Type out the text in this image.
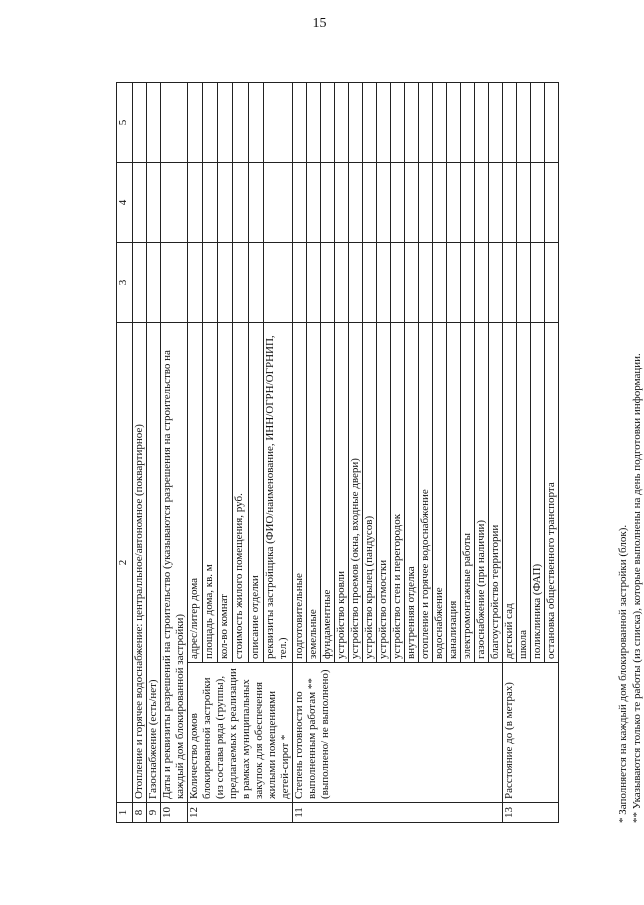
15
1	2		3	4	5
8	Отопление и горячее водоснабжение: централльное/автономное (поквартирное)				
9	Газоснабжение (есть/нет)				
10	Даты и реквизиты разрешений на строительство (указываются разрешения на строительство на каждый дом блокированной застройки)				
12	Количество домов блокированной застройки (из состава ряда (группы), предлагаемых к реализации в рамках муниципальных закупок для обеспечения жилыми помещениями детей-сирот *	адрес/литер дома			
		площадь дома, кв. м			
		кол-во комнат			
		стоимость жилого помещения, руб.			
		описание отделки			
		реквизиты застройщика (ФИО/наименование, ИНН/ОГРН/ОГРНИП, тел.)			
11	Степень готовности по выполненным работам ** (выполнено/ не выполнено)	подготовительные			
		земельные			
		фундаментные			
		устройство кровли			
		устройство проемов (окна, входные двери)			
		устройство крылец (пандусов)			
		устройство отмостки			
		устройство стен и перегородок			
		внутренняя отделка			
		отопление и горячее водоснабжение			
		водоснабжение			
		канализация			
		электромонтажные работы			
		газоснабжение (при наличии)			
		благоустройство территории			
13	Расстояние до (в метрах)	детский сад			
		школа			
		поликлиника (ФАП)			
		остановка общественного транспорта				* Заполняется на каждый дом блокированной застройки (блок). ** Указываются только те работы (из списка), которые выполнены на день подготовки информации.
